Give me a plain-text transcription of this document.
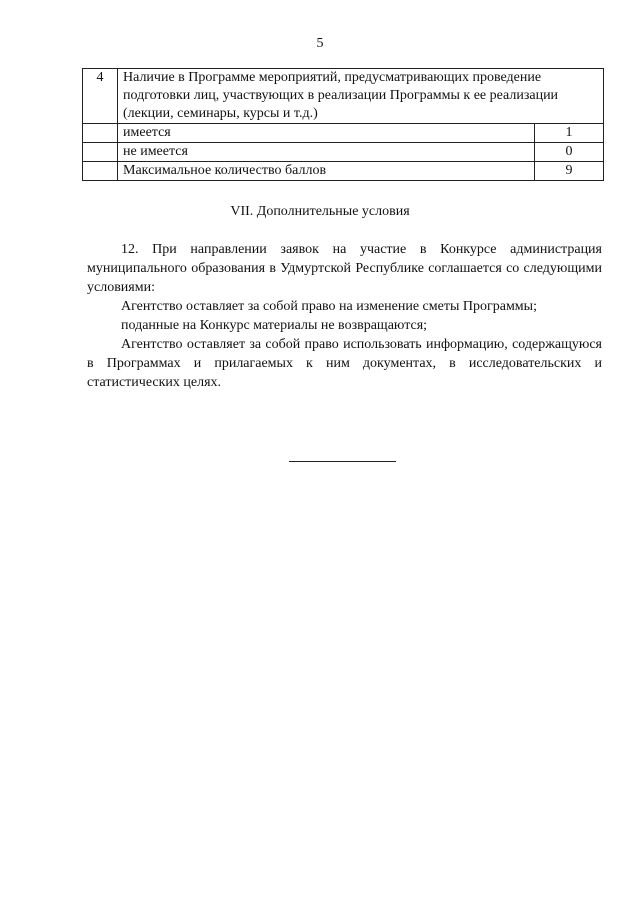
5
4	Наличие в Программе мероприятий, предусматривающих проведение подготовки лиц, участвующих в реализации Программы к ее реализации (лекции, семинары, курсы и т.д.)	
	имеется	1
	не имеется	0
	Максимальное количество баллов	9
VII. Дополнительные условия

12. При направлении заявок на участие в Конкурсе администрация муниципального образования в Удмуртской Республике соглашается со следующими условиями:

Агентство оставляет за собой право на изменение сметы Программы;

поданные на Конкурс материалы не возвращаются;

Агентство оставляет за собой право использовать информацию, содержащуюся в Программах и прилагаемых к ним документах, в исследовательских и статистических целях.
